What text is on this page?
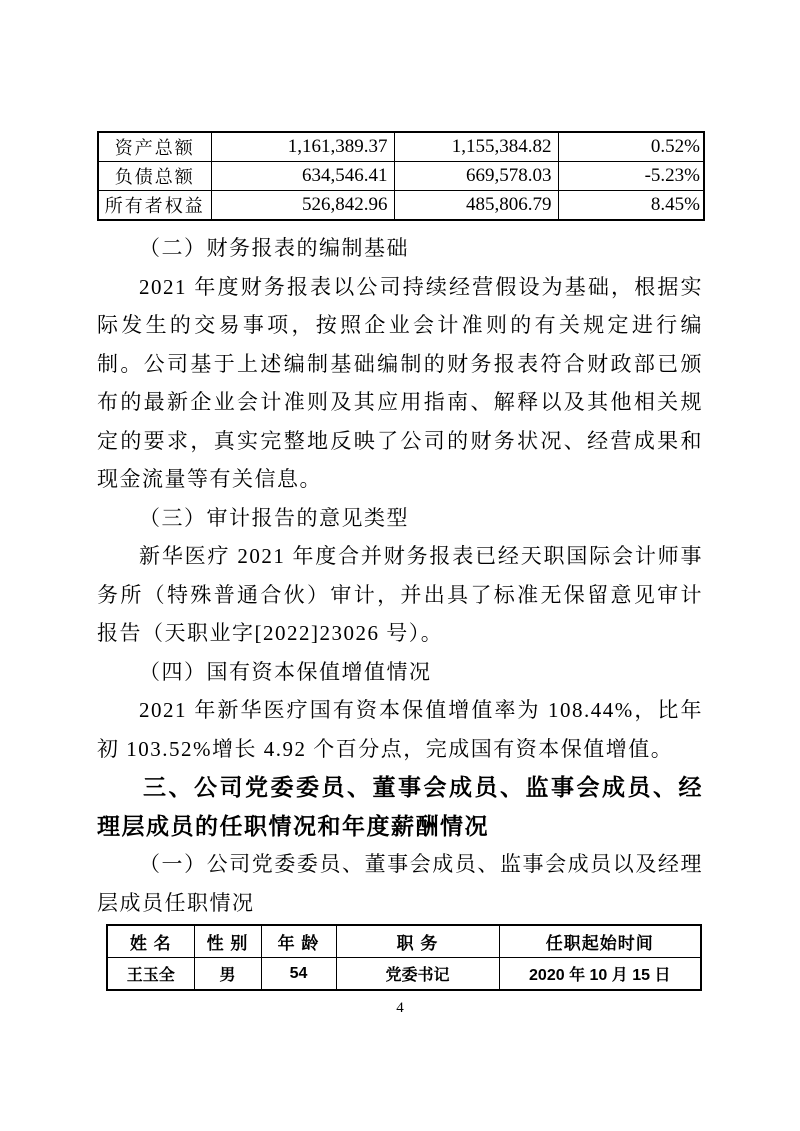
资产总额	1,161,389.37	1,155,384.82	0.52%
负债总额	634,546.41	669,578.03	-5.23%
所有者权益	526,842.96	485,806.79	8.45%

（二）财务报表的编制基础

2021 年度财务报表以公司持续经营假设为基础，根据实际发生的交易事项，按照企业会计准则的有关规定进行编制。公司基于上述编制基础编制的财务报表符合财政部已颁布的最新企业会计准则及其应用指南、解释以及其他相关规定的要求，真实完整地反映了公司的财务状况、经营成果和现金流量等有关信息。

（三）审计报告的意见类型

新华医疗 2021 年度合并财务报表已经天职国际会计师事务所（特殊普通合伙）审计，并出具了标准无保留意见审计报告（天职业字[2022]23026 号）。

（四）国有资本保值增值情况

2021 年新华医疗国有资本保值增值率为 108.44%，比年初 103.52%增长 4.92 个百分点，完成国有资本保值增值。

三、公司党委委员、董事会成员、监事会成员、经理层成员的任职情况和年度薪酬情况

（一）公司党委委员、董事会成员、监事会成员以及经理层成员任职情况

姓 名	性 别	年 龄	职 务	任职起始时间
王玉全	男	54	党委书记	2020 年 10 月 15 日
4
